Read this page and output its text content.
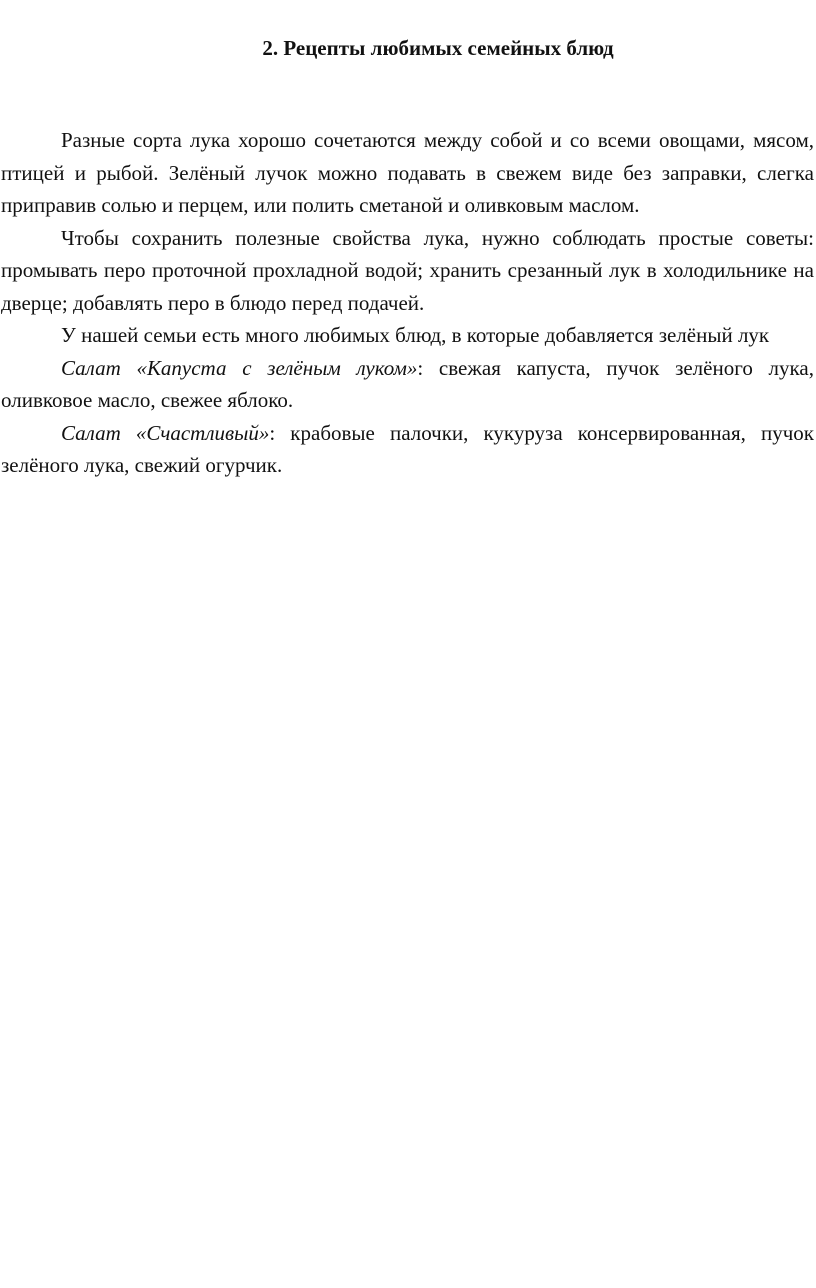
2. Рецепты любимых семейных блюд

Разные сорта лука хорошо сочетаются между собой и со всеми овощами, мясом, птицей и рыбой. Зелёный лучок можно подавать в свежем виде без заправки, слегка приправив солью и перцем, или полить сметаной и оливковым маслом.

Чтобы сохранить полезные свойства лука, нужно соблюдать простые советы: промывать перо проточной прохладной водой; хранить срезанный лук в холодильнике на дверце; добавлять перо в блюдо перед подачей.

У нашей семьи есть много любимых блюд, в которые добавляется зелёный лук

Салат «Капуста с зелёным луком»: свежая капуста, пучок зелёного лука, оливковое масло, свежее яблоко.

Салат «Счастливый»: крабовые палочки, кукуруза консервированная, пучок зелёного лука, свежий огурчик.
